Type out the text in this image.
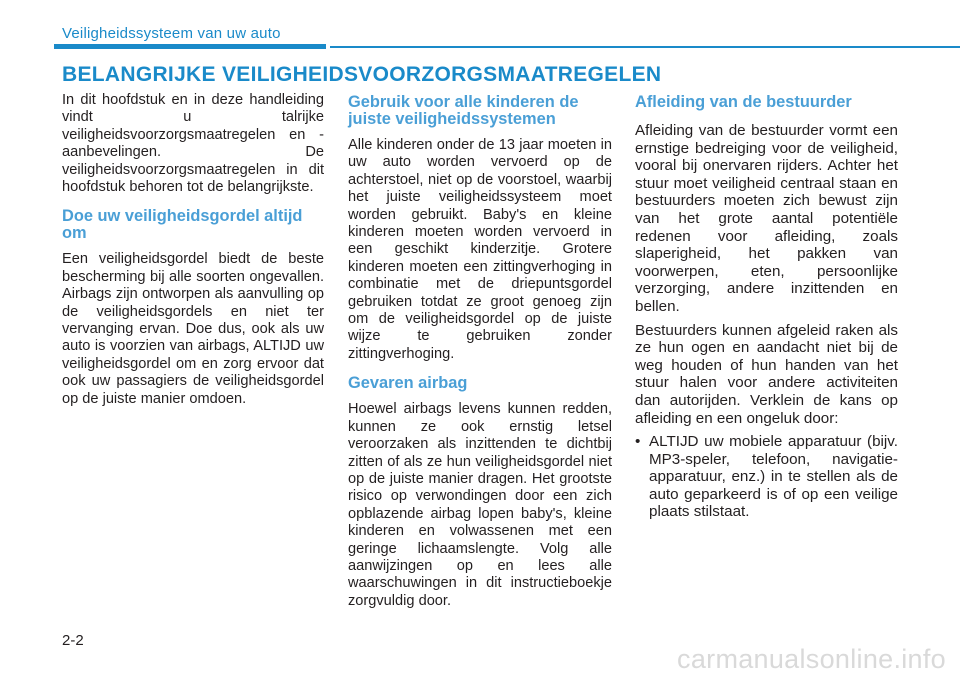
Veiligheidssysteem van uw auto
BELANGRIJKE VEILIGHEIDSVOORZORGSMAATREGELEN

In dit hoofdstuk en in deze handleiding vindt u talrijke veiligheidsvoorzorgsmaatregelen en -aanbevelingen. De veiligheidsvoorzorgsmaatregelen in dit hoofdstuk behoren tot de belangrijkste.

Doe uw veiligheidsgordel altijd om

Een veiligheidsgordel biedt de beste bescherming bij alle soorten ongevallen. Airbags zijn ontworpen als aanvulling op de veiligheidsgordels en niet ter vervanging ervan. Doe dus, ook als uw auto is voorzien van airbags, ALTIJD uw veiligheidsgordel om en zorg ervoor dat ook uw passagiers de veiligheidsgordel op de juiste manier omdoen.

Gebruik voor alle kinderen de juiste veiligheidssystemen

Alle kinderen onder de 13 jaar moeten in uw auto worden vervoerd op de achterstoel, niet op de voorstoel, waarbij het juiste veiligheidssysteem moet worden gebruikt. Baby's en kleine kinderen moeten worden vervoerd in een geschikt kinderzitje. Grotere kinderen moeten een zittingverhoging in combinatie met de driepuntsgordel gebruiken totdat ze groot genoeg zijn om de veiligheidsgordel op de juiste wijze te gebruiken zonder zittingverhoging.

Gevaren airbag

Hoewel airbags levens kunnen redden, kunnen ze ook ernstig letsel veroorzaken als inzittenden te dichtbij zitten of als ze hun veiligheidsgordel niet op de juiste manier dragen. Het grootste risico op verwondingen door een zich opblazende airbag lopen baby's, kleine kinderen en volwassenen met een geringe lichaamslengte. Volg alle aanwijzingen op en lees alle waarschuwingen in dit instructieboekje zorgvuldig door.

Afleiding van de bestuurder

Afleiding van de bestuurder vormt een ernstige bedreiging voor de veiligheid, vooral bij onervaren rijders. Achter het stuur moet veiligheid centraal staan en bestuurders moeten zich bewust zijn van het grote aantal potentiële redenen voor afleiding, zoals slaperigheid, het pakken van voorwerpen, eten, persoonlijke verzorging, andere inzittenden en bellen.

Bestuurders kunnen afgeleid raken als ze hun ogen en aandacht niet bij de weg houden of hun handen van het stuur halen voor andere activiteiten dan autorijden. Verklein de kans op afleiding en een ongeluk door:

• ALTIJD uw mobiele apparatuur (bijv. MP3-speler, telefoon, navigatie-apparatuur, enz.) in te stellen als de auto geparkeerd is of op een veilige plaats stilstaat.
2-2
carmanualsonline.info
